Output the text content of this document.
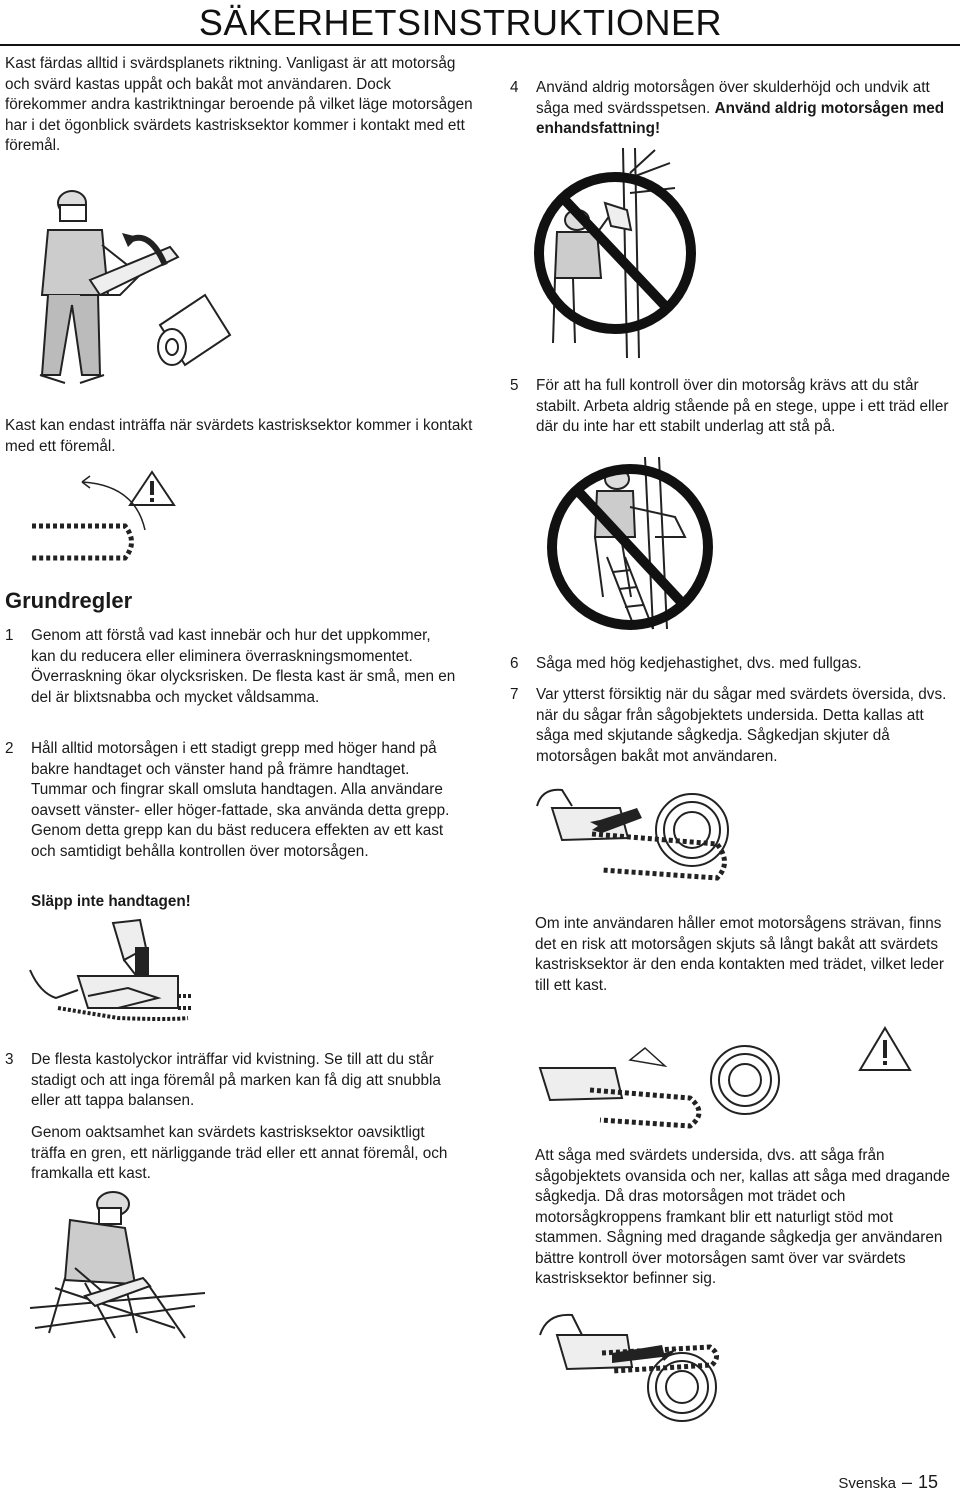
SÄKERHETSINSTRUKTIONER

Kast färdas alltid i svärdsplanets riktning. Vanligast är att motorsåg och svärd kastas uppåt och bakåt mot användaren. Dock förekommer andra kastriktningar beroende på vilket läge motorsågen har i det ögonblick svärdets kastrisksektor kommer i kontakt med ett föremål.

Kast kan endast inträffa när svärdets kastrisksektor kommer i kontakt med ett föremål.

Grundregler
1	Genom att förstå vad kast innebär och hur det uppkommer, kan du reducera eller eliminera överraskningsmomentet. Överraskning ökar olycksrisken. De flesta kast är små, men en del är blixtsnabba och mycket våldsamma.
2	Håll alltid motorsågen i ett stadigt grepp med höger hand på bakre handtaget och vänster hand på främre handtaget. Tummar och fingrar skall omsluta handtagen. Alla användare oavsett vänster- eller höger-fattade, ska använda detta grepp. Genom detta grepp kan du bäst reducera effekten av ett kast och samtidigt behålla kontrollen över motorsågen.
Släpp inte handtagen!
3	De flesta kastolyckor inträffar vid kvistning. Se till att du står stadigt och att inga föremål på marken kan få dig att snubbla eller att tappa balansen.

Genom oaktsamhet kan svärdets kastrisksektor oavsiktligt träffa en gren, ett närliggande träd eller ett annat föremål, och framkalla ett kast.

4	Använd aldrig motorsågen över skulderhöjd och undvik att såga med svärdsspetsen. Använd aldrig motorsågen med enhandsfattning!
5	För att ha full kontroll över din motorsåg krävs att du står stabilt. Arbeta aldrig stående på en stege, uppe i ett träd eller där du inte har ett stabilt underlag att stå på.
6	Såga med hög kedjehastighet, dvs. med fullgas.
7	Var ytterst försiktig när du sågar med svärdets översida, dvs. när du sågar från sågobjektets undersida. Detta kallas att såga med skjutande sågkedja. Sågkedjan skjuter då motorsågen bakåt mot användaren.

Om inte användaren håller emot motorsågens strävan, finns det en risk att motorsågen skjuts så långt bakåt att svärdets kastrisksektor är den enda kontakten med trädet, vilket leder till ett kast.

Att såga med svärdets undersida, dvs. att såga från sågobjektets ovansida och ner, kallas att såga med dragande sågkedja. Då dras motorsågen mot trädet och motorsågkroppens framkant blir ett naturligt stöd mot stammen. Sågning med dragande sågkedja ger användaren bättre kontroll över motorsågen samt över var svärdets kastrisksektor befinner sig.

Svenska – 15
